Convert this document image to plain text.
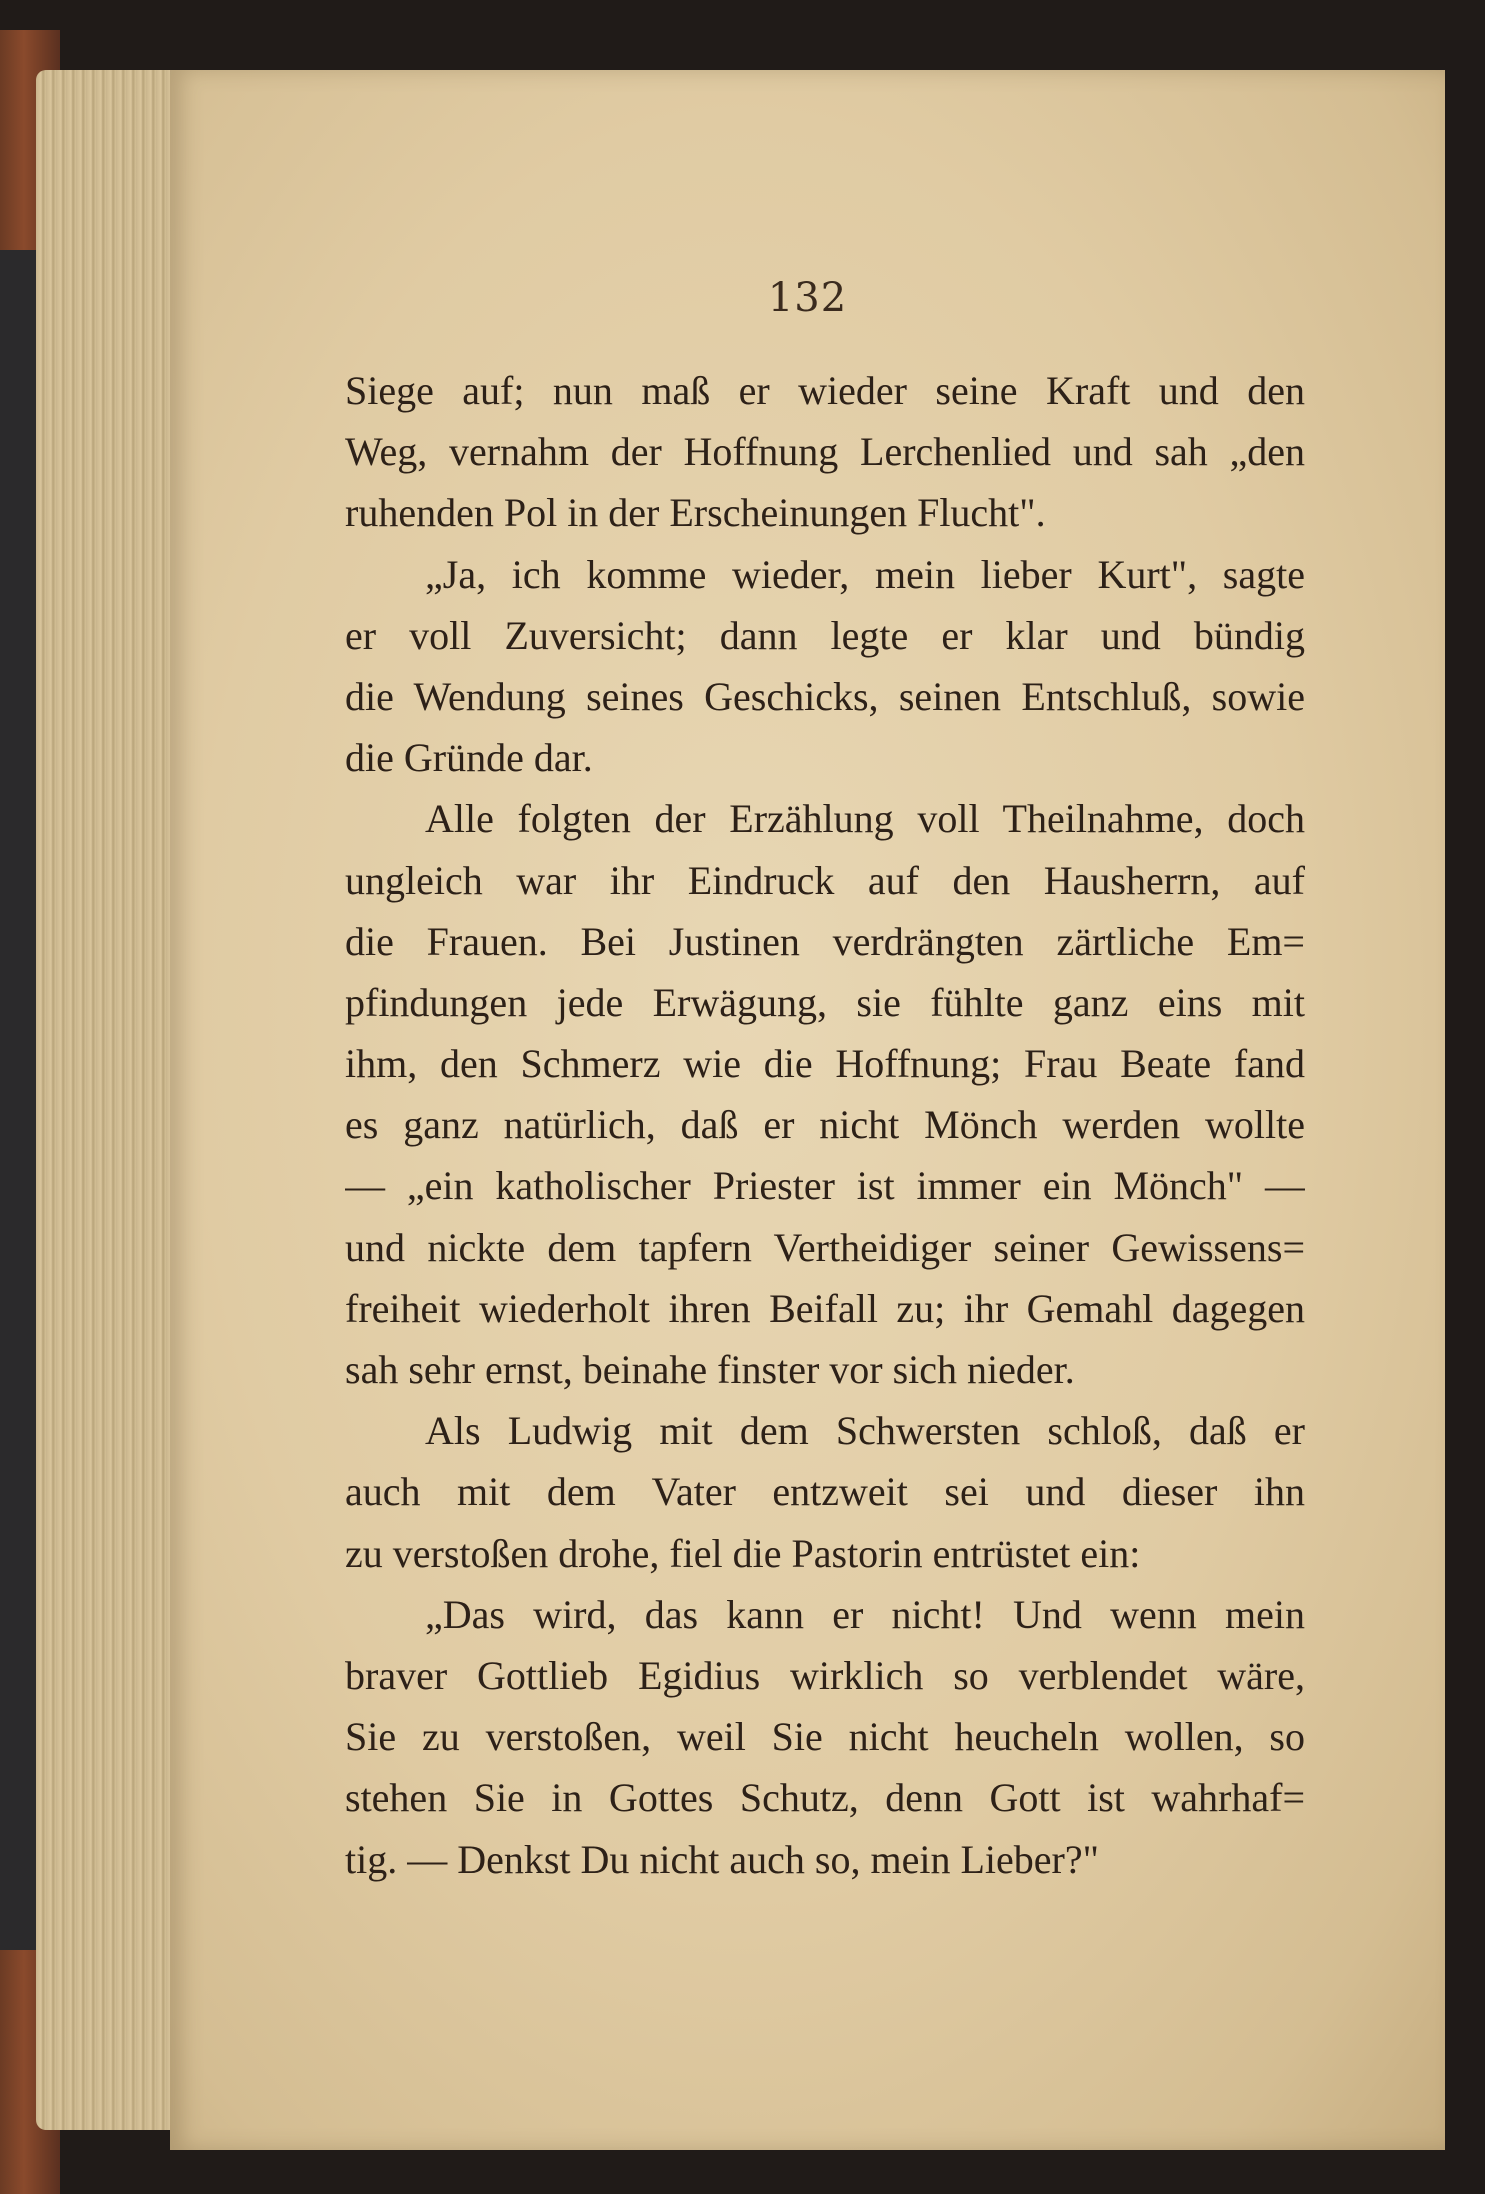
132
Siege auf; nun maß er wieder seine Kraft und den
Weg, vernahm der Hoffnung Lerchenlied und sah „den
ruhenden Pol in der Erscheinungen Flucht".
„Ja, ich komme wieder, mein lieber Kurt", sagte
er voll Zuversicht; dann legte er klar und bündig
die Wendung seines Geschicks, seinen Entschluß, sowie
die Gründe dar.
Alle folgten der Erzählung voll Theilnahme, doch
ungleich war ihr Eindruck auf den Hausherrn, auf
die Frauen. Bei Justinen verdrängten zärtliche Em=
pfindungen jede Erwägung, sie fühlte ganz eins mit
ihm, den Schmerz wie die Hoffnung; Frau Beate fand
es ganz natürlich, daß er nicht Mönch werden wollte
— „ein katholischer Priester ist immer ein Mönch" —
und nickte dem tapfern Vertheidiger seiner Gewissens=
freiheit wiederholt ihren Beifall zu; ihr Gemahl dagegen
sah sehr ernst, beinahe finster vor sich nieder.
Als Ludwig mit dem Schwersten schloß, daß er
auch mit dem Vater entzweit sei und dieser ihn
zu verstoßen drohe, fiel die Pastorin entrüstet ein:
„Das wird, das kann er nicht! Und wenn mein
braver Gottlieb Egidius wirklich so verblendet wäre,
Sie zu verstoßen, weil Sie nicht heucheln wollen, so
stehen Sie in Gottes Schutz, denn Gott ist wahrhaf=
tig. — Denkst Du nicht auch so, mein Lieber?"
